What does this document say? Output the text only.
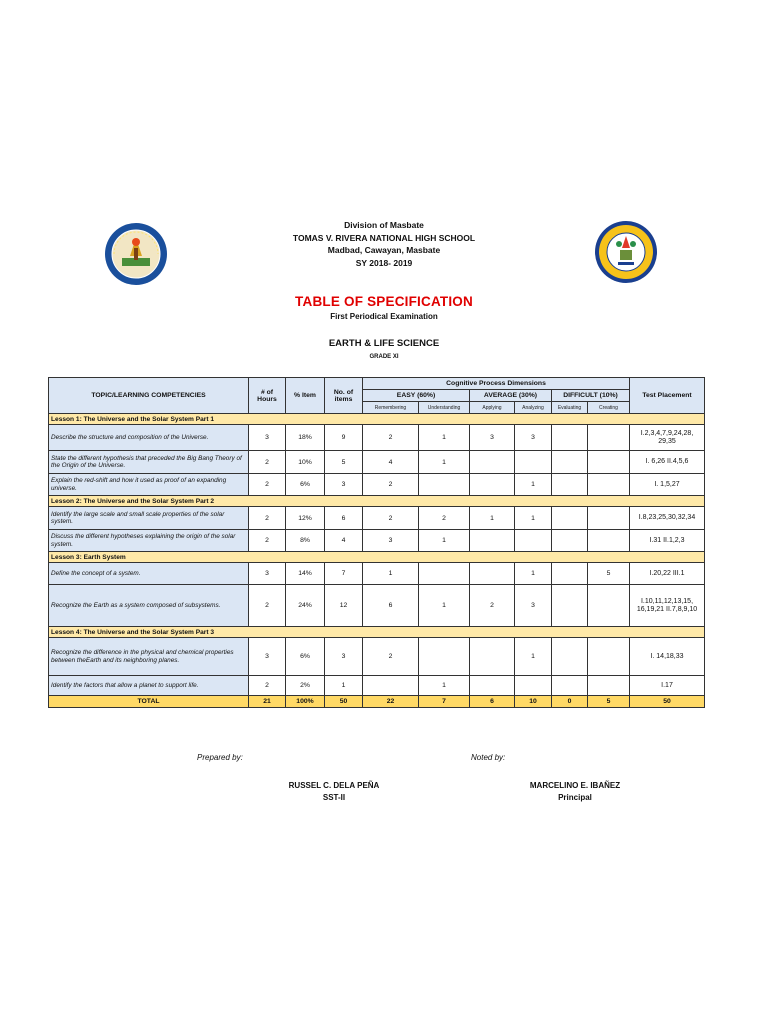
Division of Masbate
TOMAS V. RIVERA NATIONAL HIGH SCHOOL
Madbad, Cawayan, Masbate
SY 2018- 2019
TABLE OF SPECIFICATION
First Periodical Examination
EARTH & LIFE SCIENCE
GRADE XI
TOPIC/LEARNING COMPETENCIES	# of Hours	% Item	No. of items	Cognitive Process Dimensions						Test Placement
				EASY (60%)		AVERAGE (30%)		DIFFICULT (10%)		
				Remembering	Understanding	Applying	Analyzing	Evaluating	Creating	
Lesson 1: The Universe and the Solar System Part 1										
Describe the structure and composition of the Universe.	3	18%	9	2	1	3	3			I.2,3,4,7,9,24,28, 29,35
State the different hypothesis that preceded the Big Bang Theory of the Origin of the Universe.	2	10%	5	4	1					I. 6,26 II.4,5,6
Explain the red-shift and how it used as proof of an expanding universe.	2	6%	3	2			1			I. 1,5,27
Lesson 2: The Universe and the Solar System Part 2										
Identify the large scale and small scale properties of the solar system.	2	12%	6	2	2	1	1			I.8,23,25,30,32,34
Discuss the different hypotheses explaining the origin of the solar system.	2	8%	4	3	1					I.31 II.1,2,3
Lesson 3: Earth System										
Define the concept of a system.	3	14%	7	1			1		5	I.20,22 III.1
Recognize the Earth as a system composed of subsystems.	2	24%	12	6	1	2	3			I.10,11,12,13,15, 16,19,21 II.7,8,9,10
Lesson 4: The Universe and the Solar System Part 3										
Recognize the difference in the physical and chemical properties between theEarth and its neighboring planes.	3	6%	3	2			1			I. 14,18,33
Identify the factors that allow a planet to support life.	2	2%	1		1					I.17
TOTAL	21	100%	50	22	7	6	10	0	5	50
Prepared by:	Noted by:
RUSSEL C. DELA PEÑA
SST-II
MARCELINO E. IBAÑEZ
Principal
